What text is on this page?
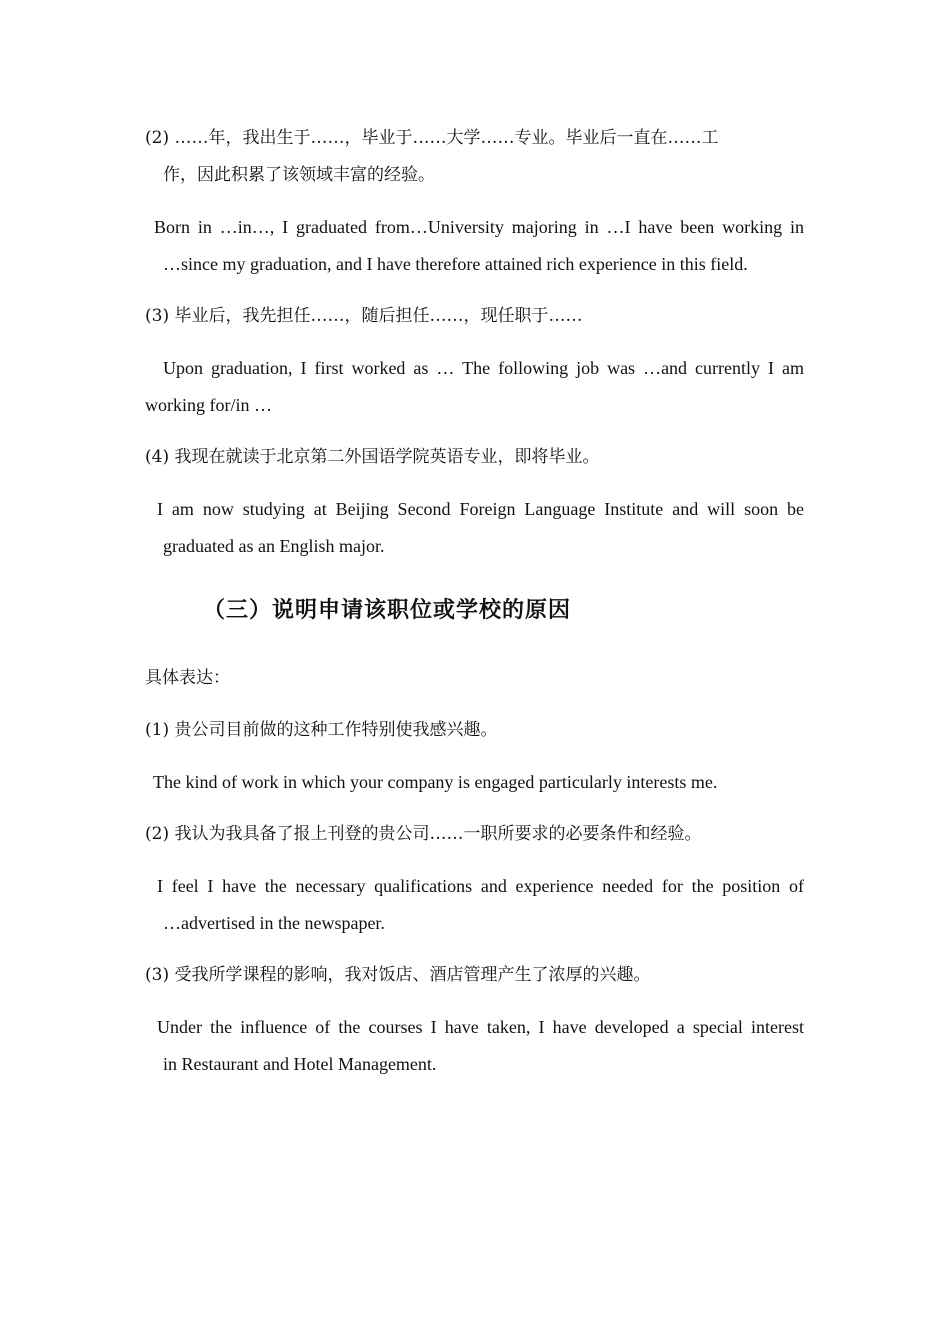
(2) ……年，我出生于……，毕业于……大学……专业。毕业后一直在……工
作，因此积累了该领域丰富的经验。
Born in …in…, I graduated from…University majoring in …I have been working in
…since my graduation, and I have therefore attained rich experience in this field.
(3) 毕业后，我先担任……，随后担任……，现任职于……
Upon graduation, I first worked as … The following job was …and currently I am
working for/in …
(4) 我现在就读于北京第二外国语学院英语专业，即将毕业。
I am now studying at Beijing Second Foreign Language Institute and will soon be
graduated as an English major.
（三）说明申请该职位或学校的原因
具体表达：
(1) 贵公司目前做的这种工作特别使我感兴趣。
The kind of work in which your company is engaged particularly interests me.
(2) 我认为我具备了报上刊登的贵公司……一职所要求的必要条件和经验。
I feel I have the necessary qualifications and experience needed for the position of
…advertised in the newspaper.
(3) 受我所学课程的影响，我对饭店、酒店管理产生了浓厚的兴趣。
Under the influence of the courses I have taken, I have developed a special interest
in Restaurant and Hotel Management.
